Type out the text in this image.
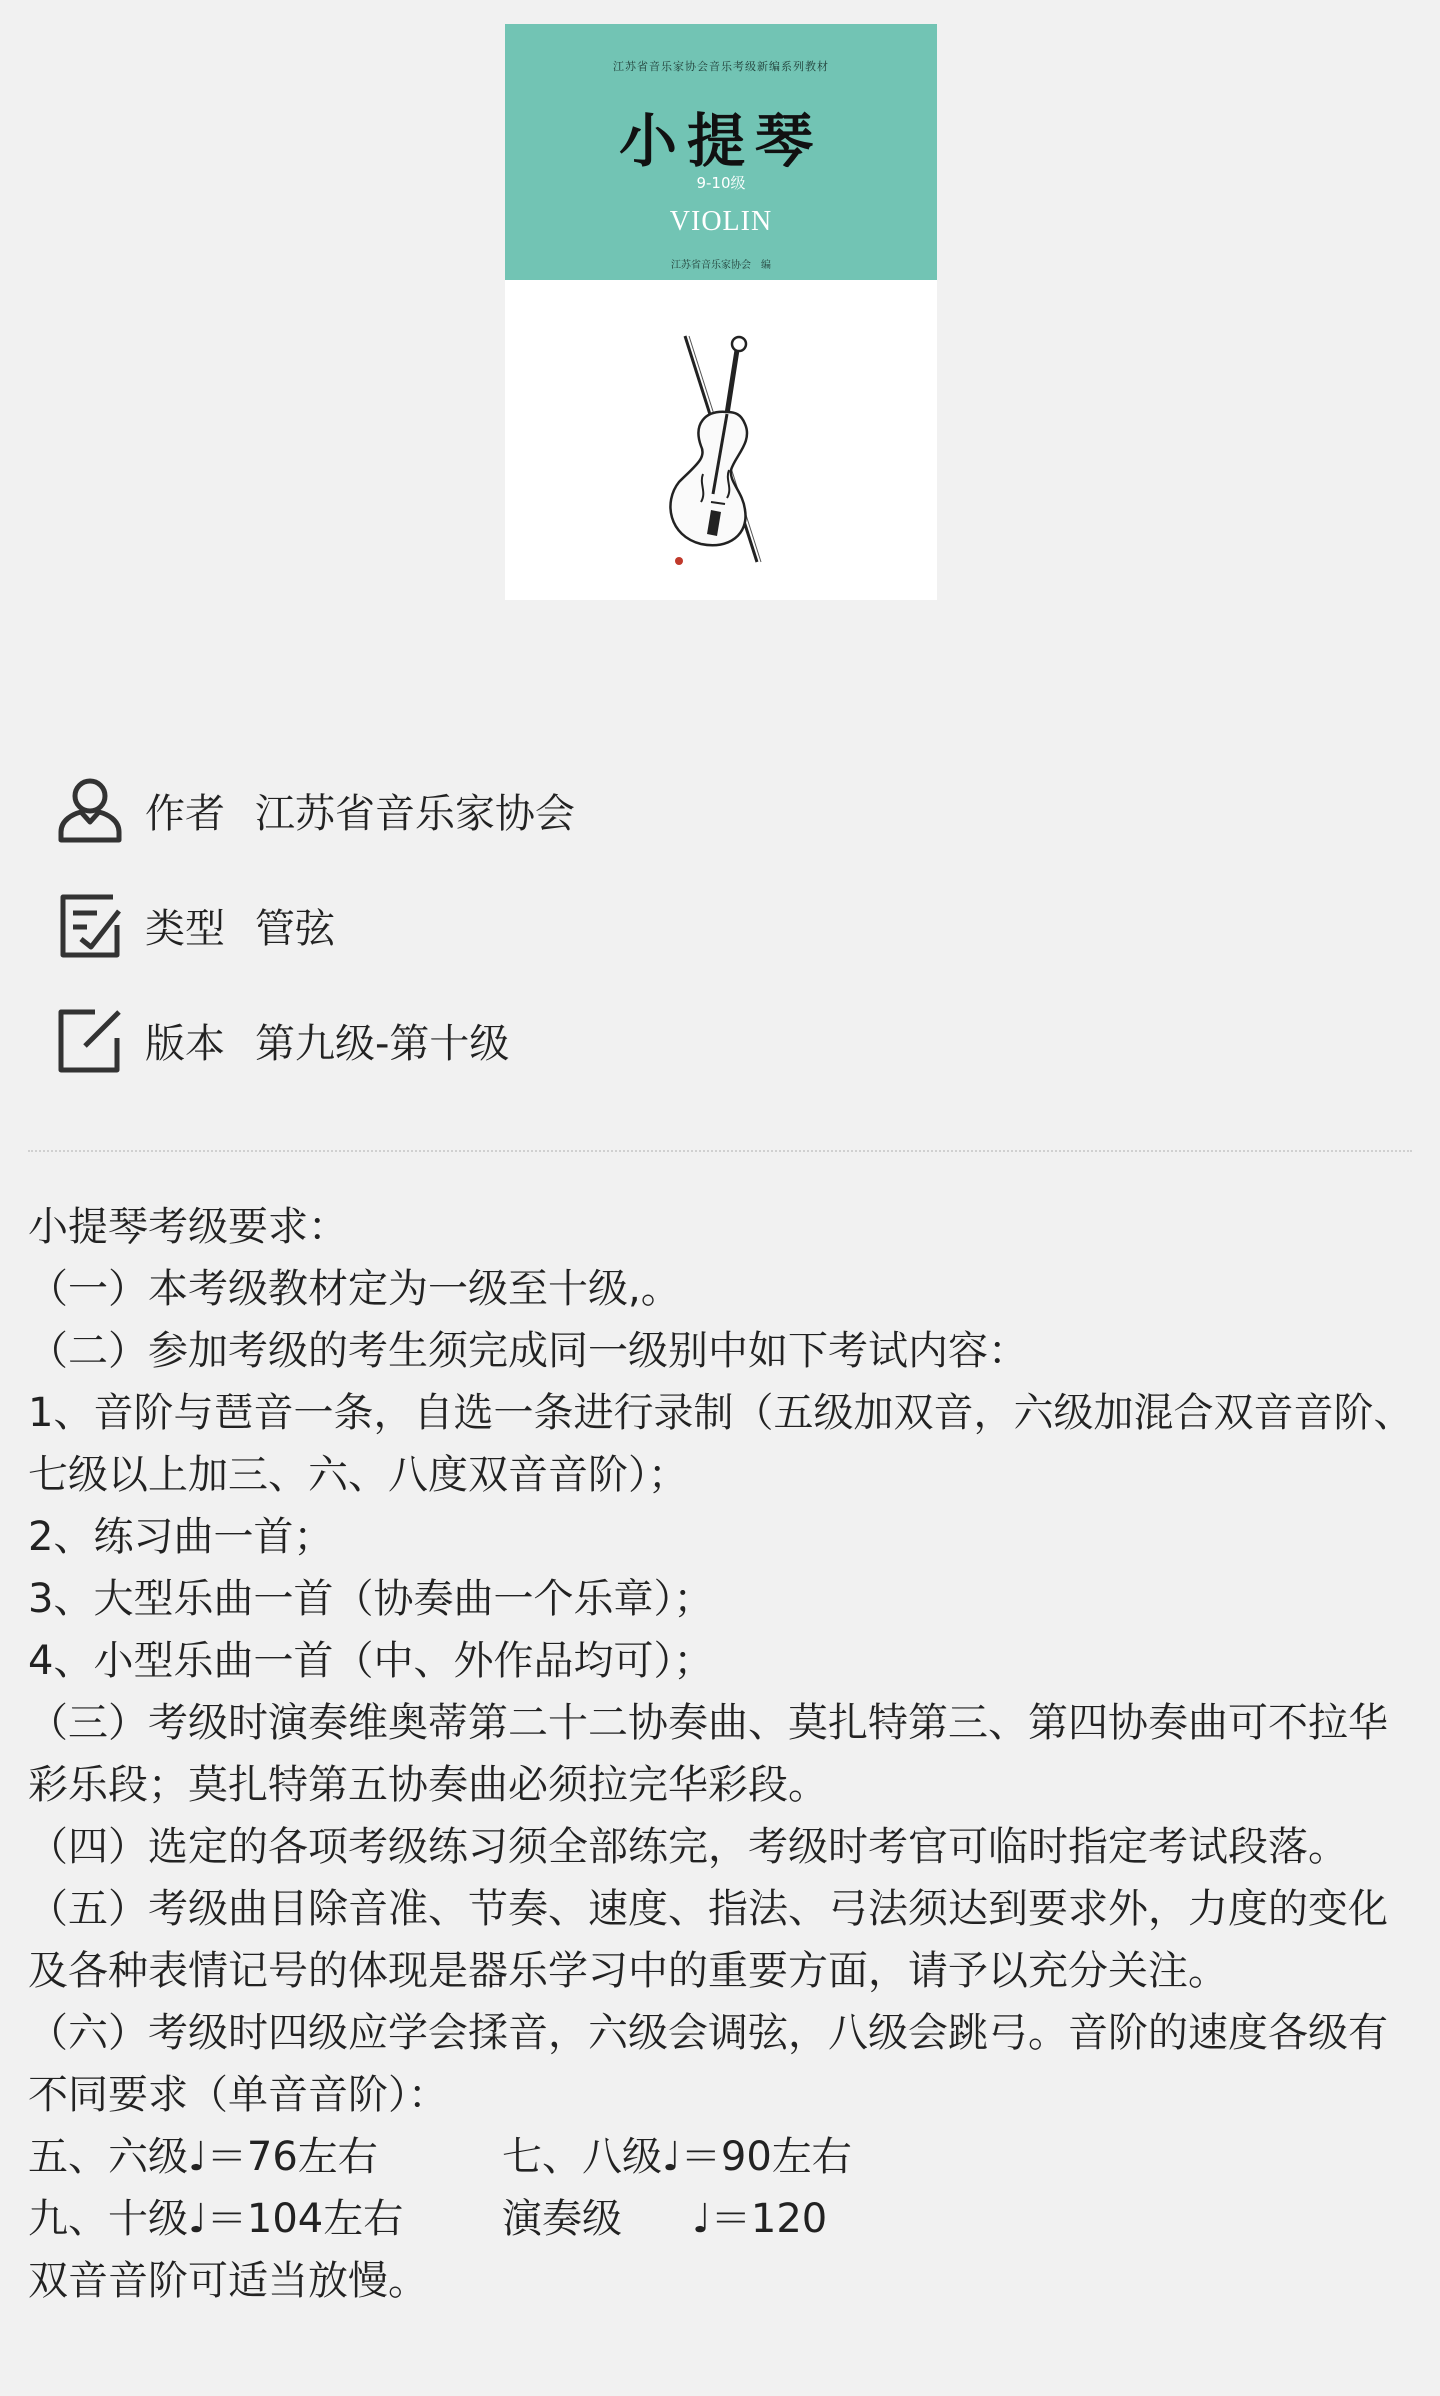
江苏省音乐家协会音乐考级新编系列教材
小提琴
9-10级
VIOLIN
江苏省音乐家协会　编
作者 江苏省音乐家协会
类型 管弦
版本 第九级-第十级

小提琴考级要求：

（一）本考级教材定为一级至十级,。

（二）参加考级的考生须完成同一级别中如下考试内容：

1、音阶与琶音一条，自选一条进行录制（五级加双音，六级加混合双音音阶、七级以上加三、六、八度双音音阶）；

2、练习曲一首；

3、大型乐曲一首（协奏曲一个乐章）；

4、小型乐曲一首（中、外作品均可）；

（三）考级时演奏维奥蒂第二十二协奏曲、莫扎特第三、第四协奏曲可不拉华彩乐段；莫扎特第五协奏曲必须拉完华彩段。

（四）选定的各项考级练习须全部练完，考级时考官可临时指定考试段落。

（五）考级曲目除音准、节奏、速度、指法、弓法须达到要求外，力度的变化及各种表情记号的体现是器乐学习中的重要方面，请予以充分关注。

（六）考级时四级应学会揉音，六级会调弦，八级会跳弓。音阶的速度各级有不同要求（单音音阶）：

五、六级♩＝76左右	七、八级♩＝90左右
九、十级♩＝104左右	演奏级	♩＝120

双音音阶可适当放慢。
